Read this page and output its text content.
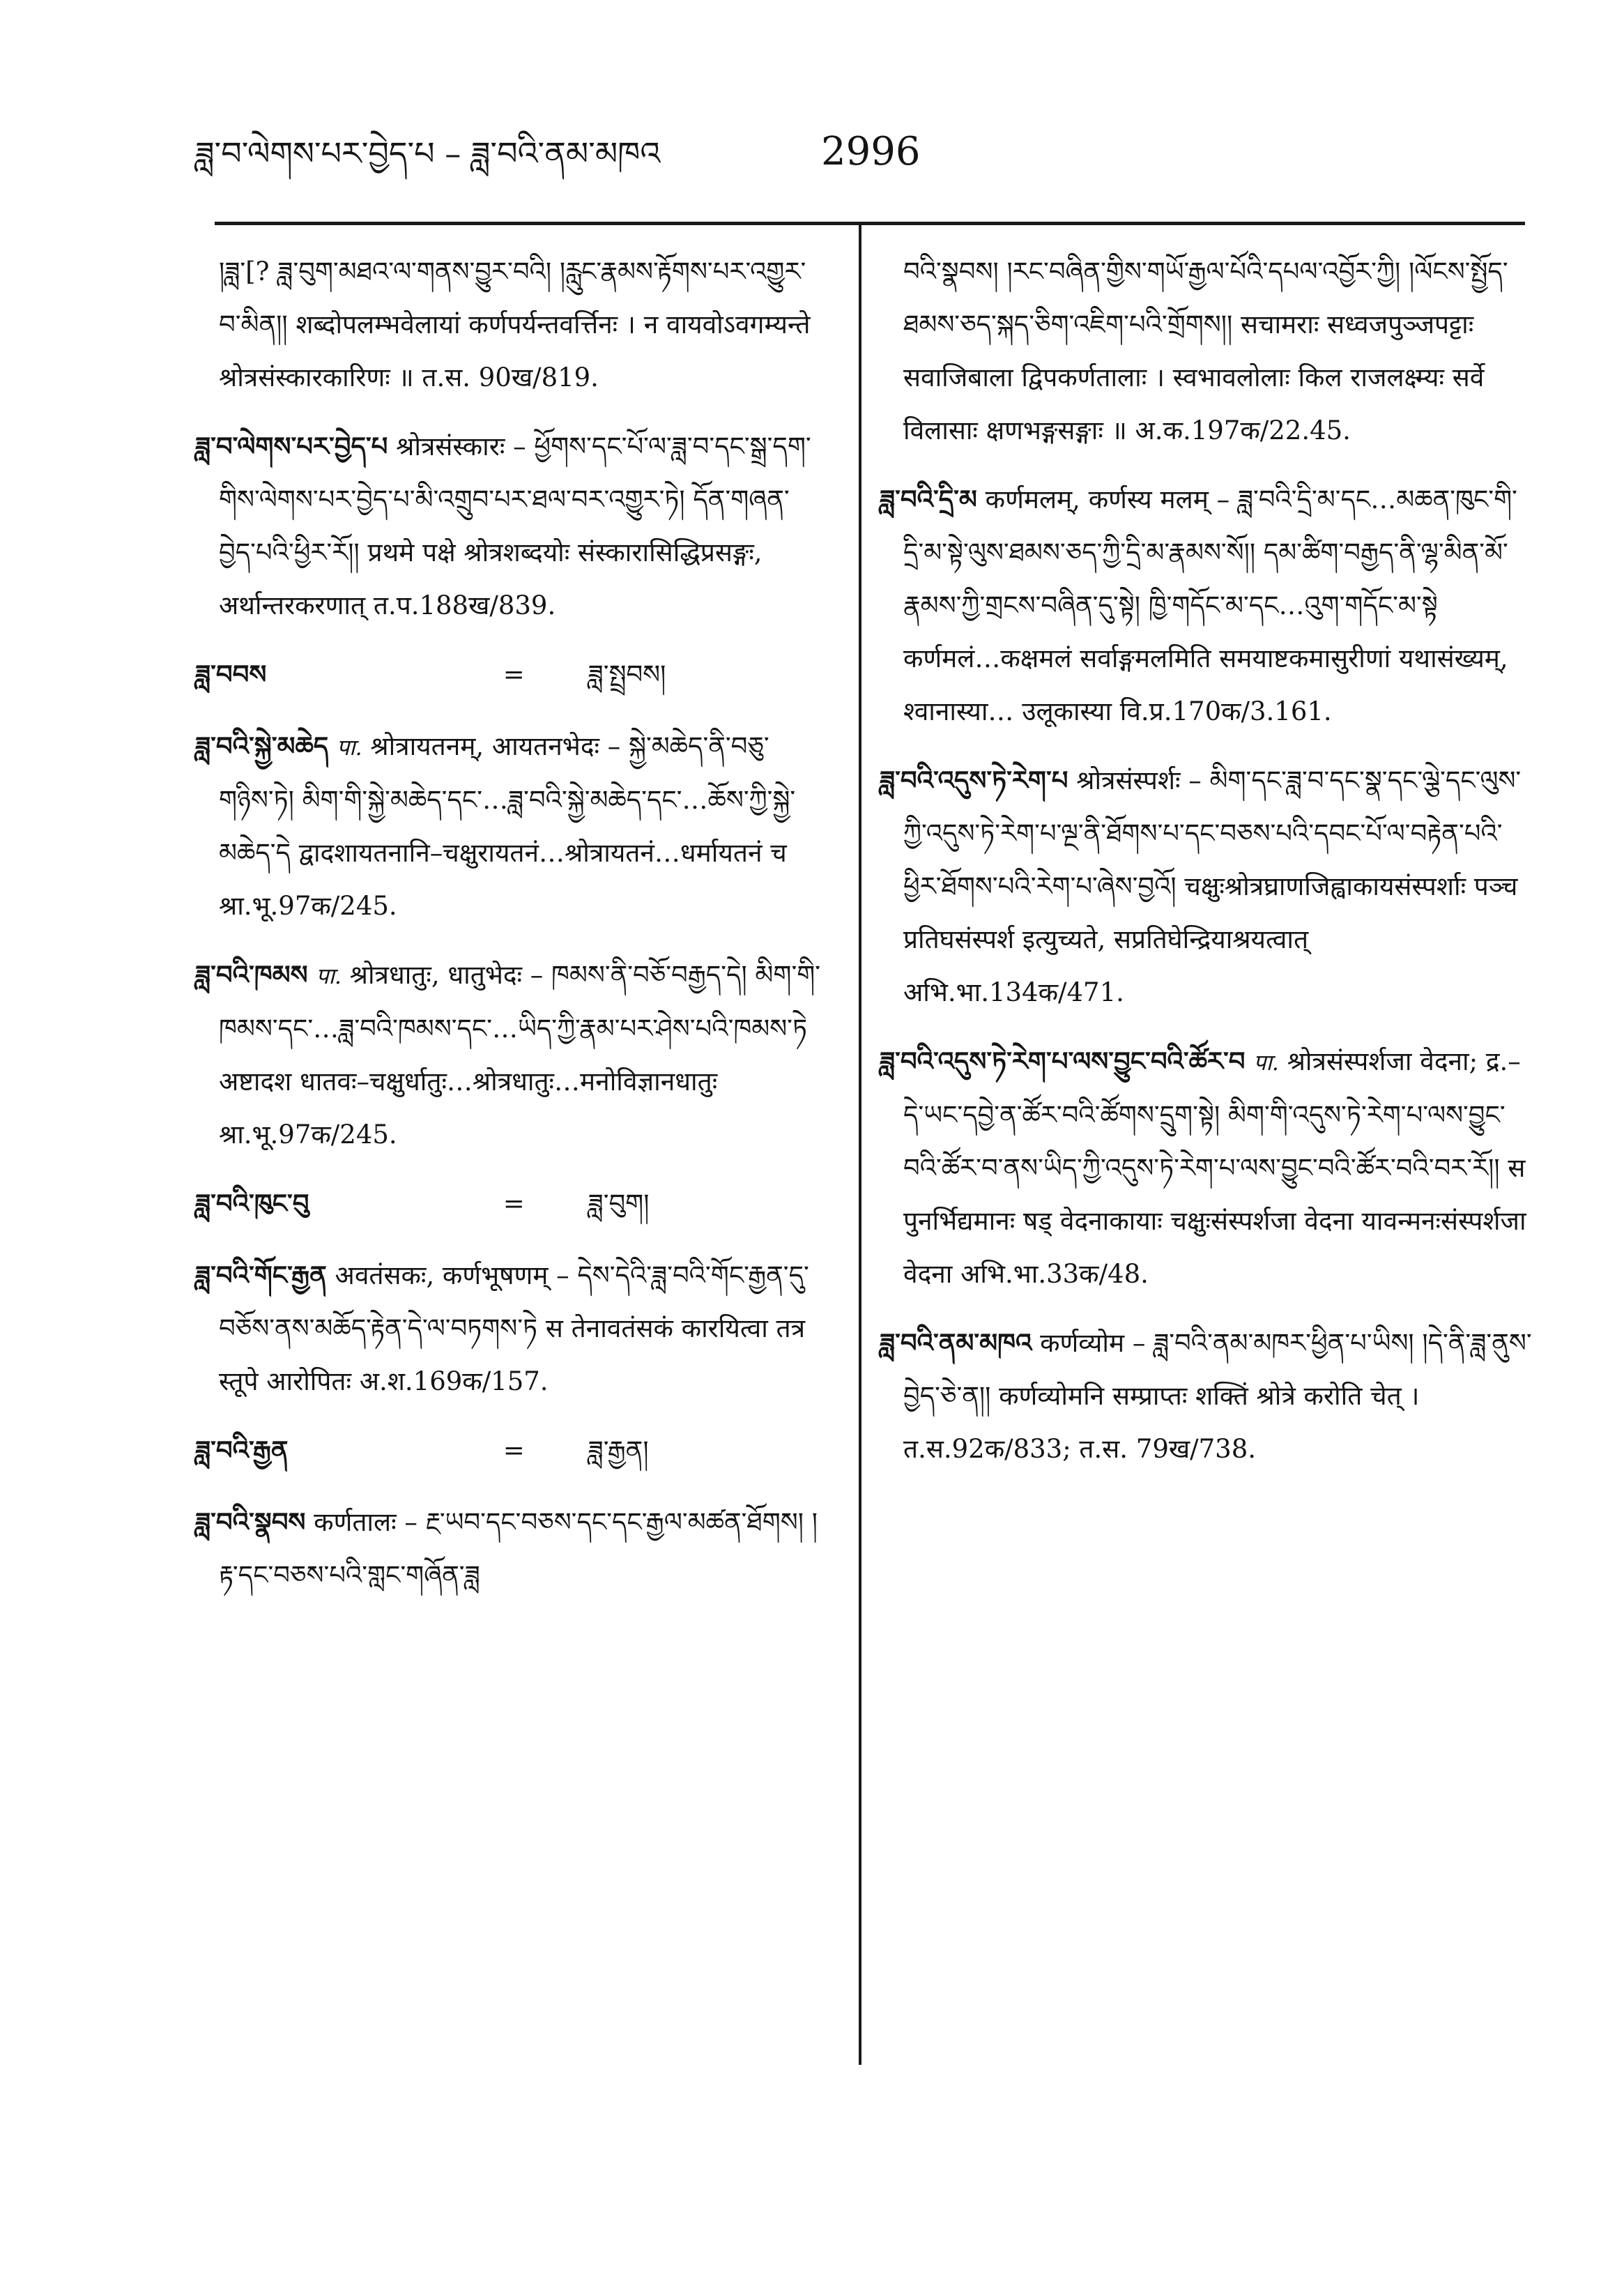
ཟླ་བ་ལེགས་པར་བྱེད་པ – ཟླ་བའི་ནམ་མཁའ	2996

།ཟླ་[? ཟླ་བུག་མཐའ་ལ་གནས་བྱུར་བའི། །རླུང་རྣམས་རྟོགས་པར་འགྱུར་བ་མིན།། शब्दोपलम्भवेलायां कर्णपर्यन्तवर्त्तिनः । न वायवोऽवगम्यन्ते श्रोत्रसंस्कारकारिणः ॥ त.स. 90ख/819.

ཟླ་བ་ལེགས་པར་བྱེད་པ श्रोत्रसंस्कारः – ཕྱོགས་དང་པོ་ལ་ཟླ་བ་དང་སྒྲ་དག་གིས་ལེགས་པར་བྱེད་པ་མི་འགྲུབ་པར་ཐལ་བར་འགྱུར་ཏེ། དོན་གཞན་བྱེད་པའི་ཕྱིར་རོ།། प्रथमे पक्षे श्रोत्रशब्दयोः संस्कारासिद्धिप्रसङ्गः, अर्थान्तरकरणात् त.प.188ख/839.

ཟླ་བབས	= ཟླ་སྤྲབས།

ཟླ་བའི་སྐྱེ་མཆེད पा. श्रोत्रायतनम्, आयतनभेदः – སྐྱེ་མཆེད་ནི་བཅུ་གཉིས་ཏེ། མིག་གི་སྐྱེ་མཆེད་དང་…ཟླ་བའི་སྐྱེ་མཆེད་དང་…ཆོས་ཀྱི་སྐྱེ་མཆེད་དེ द्वादशायतनानि–चक्षुरायतनं…श्रोत्रायतनं…धर्मायतनं च श्रा.भू.97क/245.

ཟླ་བའི་ཁམས पा. श्रोत्रधातुः, धातुभेदः – ཁམས་ནི་བཅོ་བརྒྱད་དེ། མིག་གི་ཁམས་དང་…ཟླ་བའི་ཁམས་དང་…ཡིད་ཀྱི་རྣམ་པར་ཤེས་པའི་ཁམས་ཏེ अष्टादश धातवः–चक्षुर्धातुः…श्रोत्रधातुः…मनोविज्ञानधातुः श्रा.भू.97क/245.

ཟླ་བའི་ཁུང་བུ	= ཟླ་བུག།

ཟླ་བའི་གོང་རྒྱན अवतंसकः, कर्णभूषणम् – དེས་དེའི་ཟླ་བའི་གོང་རྒྱན་དུ་བཅོས་ནས་མཆོད་རྟེན་དེ་ལ་བཏགས་ཏེ स तेनावतंसकं कारयित्वा तत्र स्तूपे आरोपितः अ.श.169क/157.

ཟླ་བའི་རྒྱན	= ཟླ་རྒྱན།

ཟླ་བའི་སྣབས कर्णतालः – རྔ་ཡབ་དང་བཅས་དང་དང་རྒྱལ་མཚན་ཐོགས། །རྟ་དང་བཅས་པའི་གླང་གཞོན་ཟླ

བའི་སྣབས། །རང་བཞིན་གྱིས་གཡོ་རྒྱལ་པོའི་དཔལ་འབྱོར་ཀྱི། །ལོངས་སྤྱོད་ཐམས་ཅད་སྐད་ཅིག་འཇིག་པའི་གྲོགས།། सचामराः सध्वजपुञ्जपट्टाः सवाजिबाला द्विपकर्णतालाः । स्वभावलोलाः किल राजलक्ष्म्यः सर्वे विलासाः क्षणभङ्गसङ्गाः ॥ अ.क.197क/22.45.

ཟླ་བའི་དྲི་མ कर्णमलम्, कर्णस्य मलम् – ཟླ་བའི་དྲི་མ་དང…མཆན་ཁུང་གི་དྲི་མ་སྟེ་ལུས་ཐམས་ཅད་ཀྱི་དྲི་མ་རྣམས་སོ།། དམ་ཚིག་བརྒྱད་ནི་ལྷ་མིན་མོ་རྣམས་ཀྱི་གྲངས་བཞིན་དུ་སྟེ། ཁྱི་གདོང་མ་དང…འུག་གདོང་མ་སྟེ कर्णमलं…कक्षमलं सर्वाङ्गमलमिति समयाष्टकमासुरीणां यथासंख्यम्, श्वानास्या… उलूकास्या वि.प्र.170क/3.161.

ཟླ་བའི་འདུས་ཏེ་རེག་པ श्रोत्रसंस्पर्शः – མིག་དང་ཟླ་བ་དང་སྣ་དང་ལྕེ་དང་ལུས་ཀྱི་འདུས་ཏེ་རེག་པ་ལྔ་ནི་ཐོགས་པ་དང་བཅས་པའི་དབང་པོ་ལ་བརྟེན་པའི་ཕྱིར་ཐོགས་པའི་རེག་པ་ཞེས་བྱའོ། चक्षुःश्रोत्रघ्राणजिह्वाकायसंस्पर्शाः पञ्च प्रतिघसंस्पर्श इत्युच्यते, सप्रतिघेन्द्रियाश्रयत्वात् अभि.भा.134क/471.

ཟླ་བའི་འདུས་ཏེ་རེག་པ་ལས་བྱུང་བའི་ཚོར་བ पा. श्रोत्रसंस्पर्शजा वेदना; द्र.– དེ་ཡང་དབྱེ་ན་ཚོར་བའི་ཚོགས་དྲུག་སྟེ། མིག་གི་འདུས་ཏེ་རེག་པ་ལས་བྱུང་བའི་ཚོར་བ་ནས་ཡིད་ཀྱི་འདུས་ཏེ་རེག་པ་ལས་བྱུང་བའི་ཚོར་བའི་བར་རོ།། स पुनर्भिद्यमानः षड् वेदनाकायाः चक्षुःसंस्पर्शजा वेदना यावन्मनःसंस्पर्शजा वेदना अभि.भा.33क/48.

ཟླ་བའི་ནམ་མཁའ कर्णव्योम – ཟླ་བའི་ནམ་མཁར་ཕྱིན་པ་ཡིས། །དེ་ནི་ཟླ་ནུས་བྱེད་ཅེ་ན།། कर्णव्योमनि सम्प्राप्तः शक्तिं श्रोत्रे करोति चेत् । त.स.92क/833; त.स. 79ख/738.
